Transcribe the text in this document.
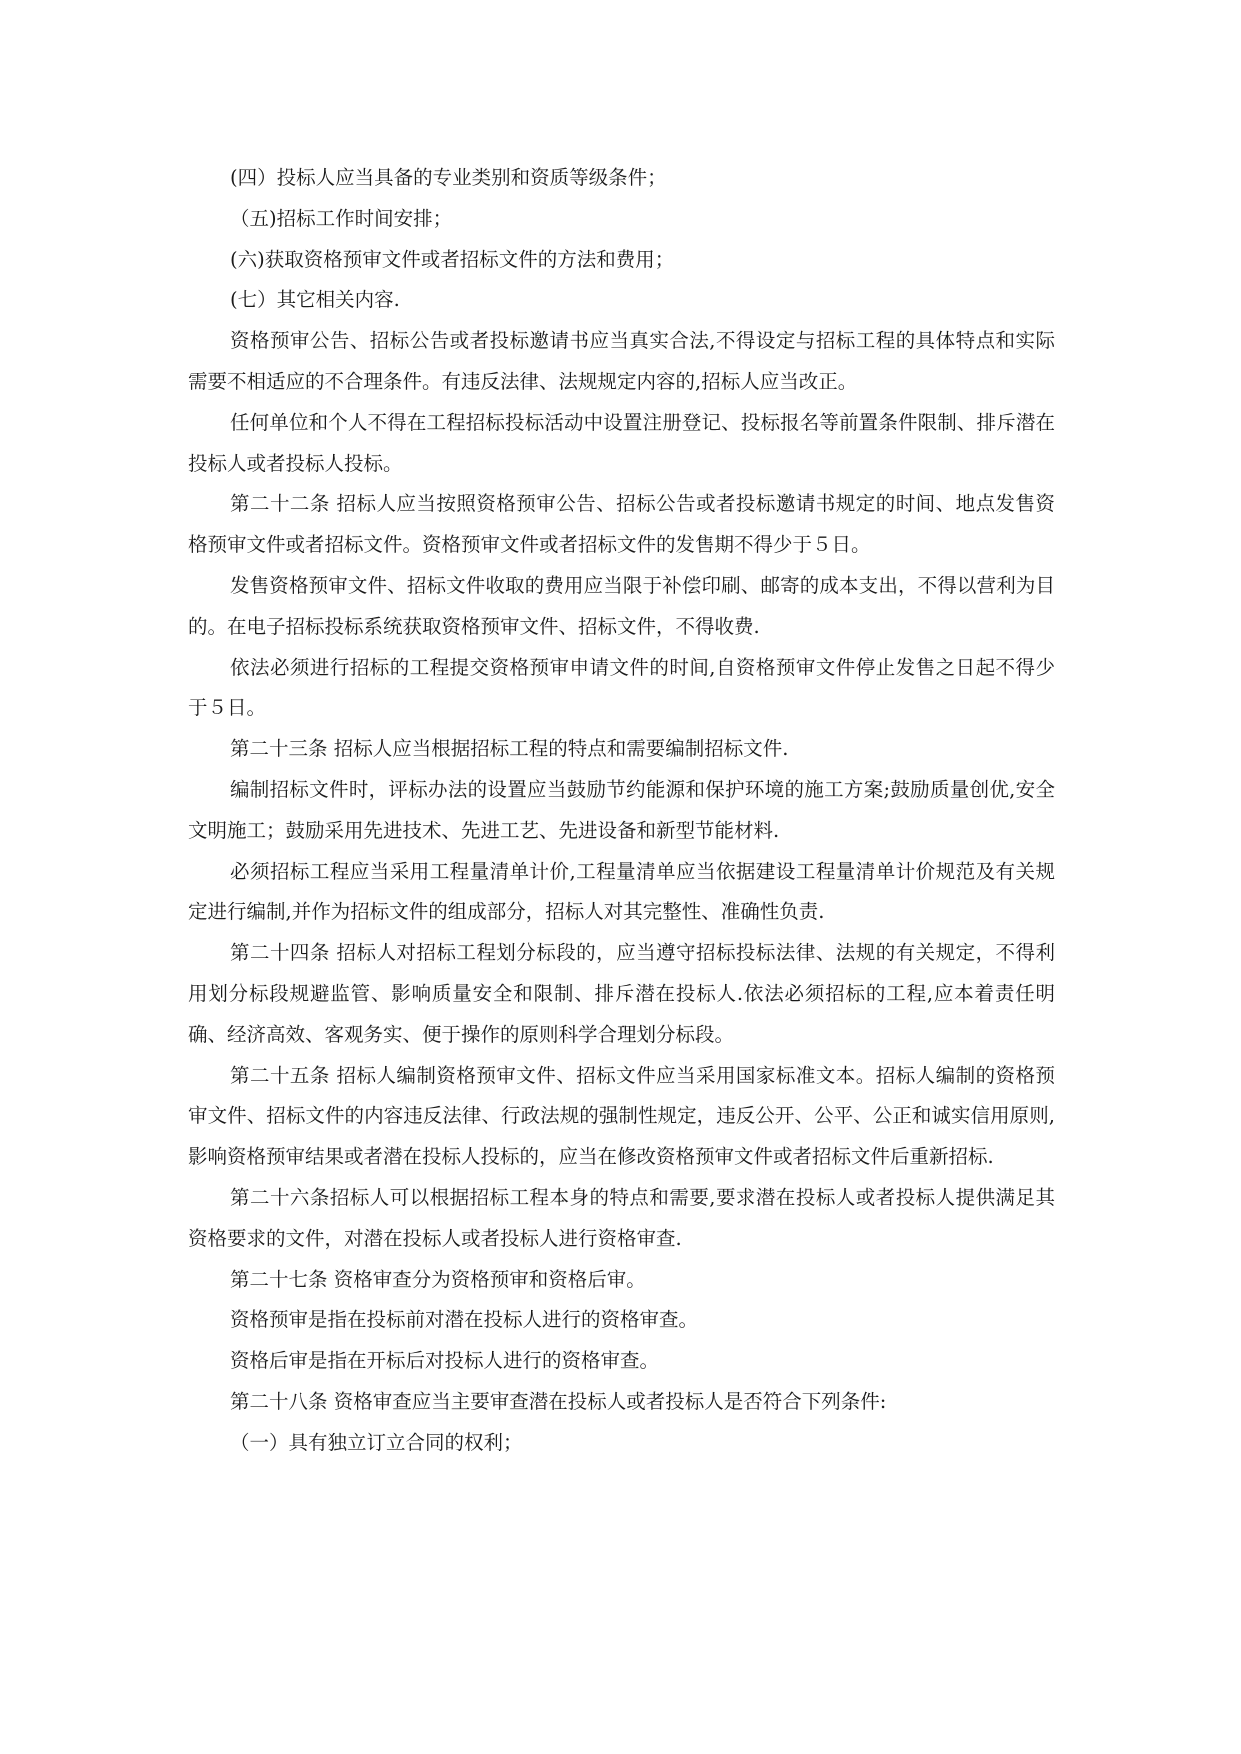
(四）投标人应当具备的专业类别和资质等级条件；

（五)招标工作时间安排；

(六)获取资格预审文件或者招标文件的方法和费用；

(七）其它相关内容.

资格预审公告、招标公告或者投标邀请书应当真实合法,不得设定与招标工程的具体特点和实际需要不相适应的不合理条件。有违反法律、法规规定内容的,招标人应当改正。

任何单位和个人不得在工程招标投标活动中设置注册登记、投标报名等前置条件限制、排斥潜在投标人或者投标人投标。

第二十二条 招标人应当按照资格预审公告、招标公告或者投标邀请书规定的时间、地点发售资格预审文件或者招标文件。资格预审文件或者招标文件的发售期不得少于５日。

发售资格预审文件、招标文件收取的费用应当限于补偿印刷、邮寄的成本支出，不得以营利为目的。在电子招标投标系统获取资格预审文件、招标文件，不得收费.

依法必须进行招标的工程提交资格预审申请文件的时间,自资格预审文件停止发售之日起不得少于５日。

第二十三条 招标人应当根据招标工程的特点和需要编制招标文件.

编制招标文件时，评标办法的设置应当鼓励节约能源和保护环境的施工方案;鼓励质量创优,安全文明施工；鼓励采用先进技术、先进工艺、先进设备和新型节能材料.

必须招标工程应当采用工程量清单计价,工程量清单应当依据建设工程量清单计价规范及有关规定进行编制,并作为招标文件的组成部分，招标人对其完整性、准确性负责.

第二十四条 招标人对招标工程划分标段的，应当遵守招标投标法律、法规的有关规定，不得利用划分标段规避监管、影响质量安全和限制、排斥潜在投标人.依法必须招标的工程,应本着责任明确、经济高效、客观务实、便于操作的原则科学合理划分标段。

第二十五条 招标人编制资格预审文件、招标文件应当采用国家标准文本。招标人编制的资格预审文件、招标文件的内容违反法律、行政法规的强制性规定，违反公开、公平、公正和诚实信用原则,影响资格预审结果或者潜在投标人投标的，应当在修改资格预审文件或者招标文件后重新招标.

第二十六条招标人可以根据招标工程本身的特点和需要,要求潜在投标人或者投标人提供满足其资格要求的文件，对潜在投标人或者投标人进行资格审查.

第二十七条 资格审查分为资格预审和资格后审。

资格预审是指在投标前对潜在投标人进行的资格审查。

资格后审是指在开标后对投标人进行的资格审查。

第二十八条 资格审查应当主要审查潜在投标人或者投标人是否符合下列条件:

（一）具有独立订立合同的权利；
